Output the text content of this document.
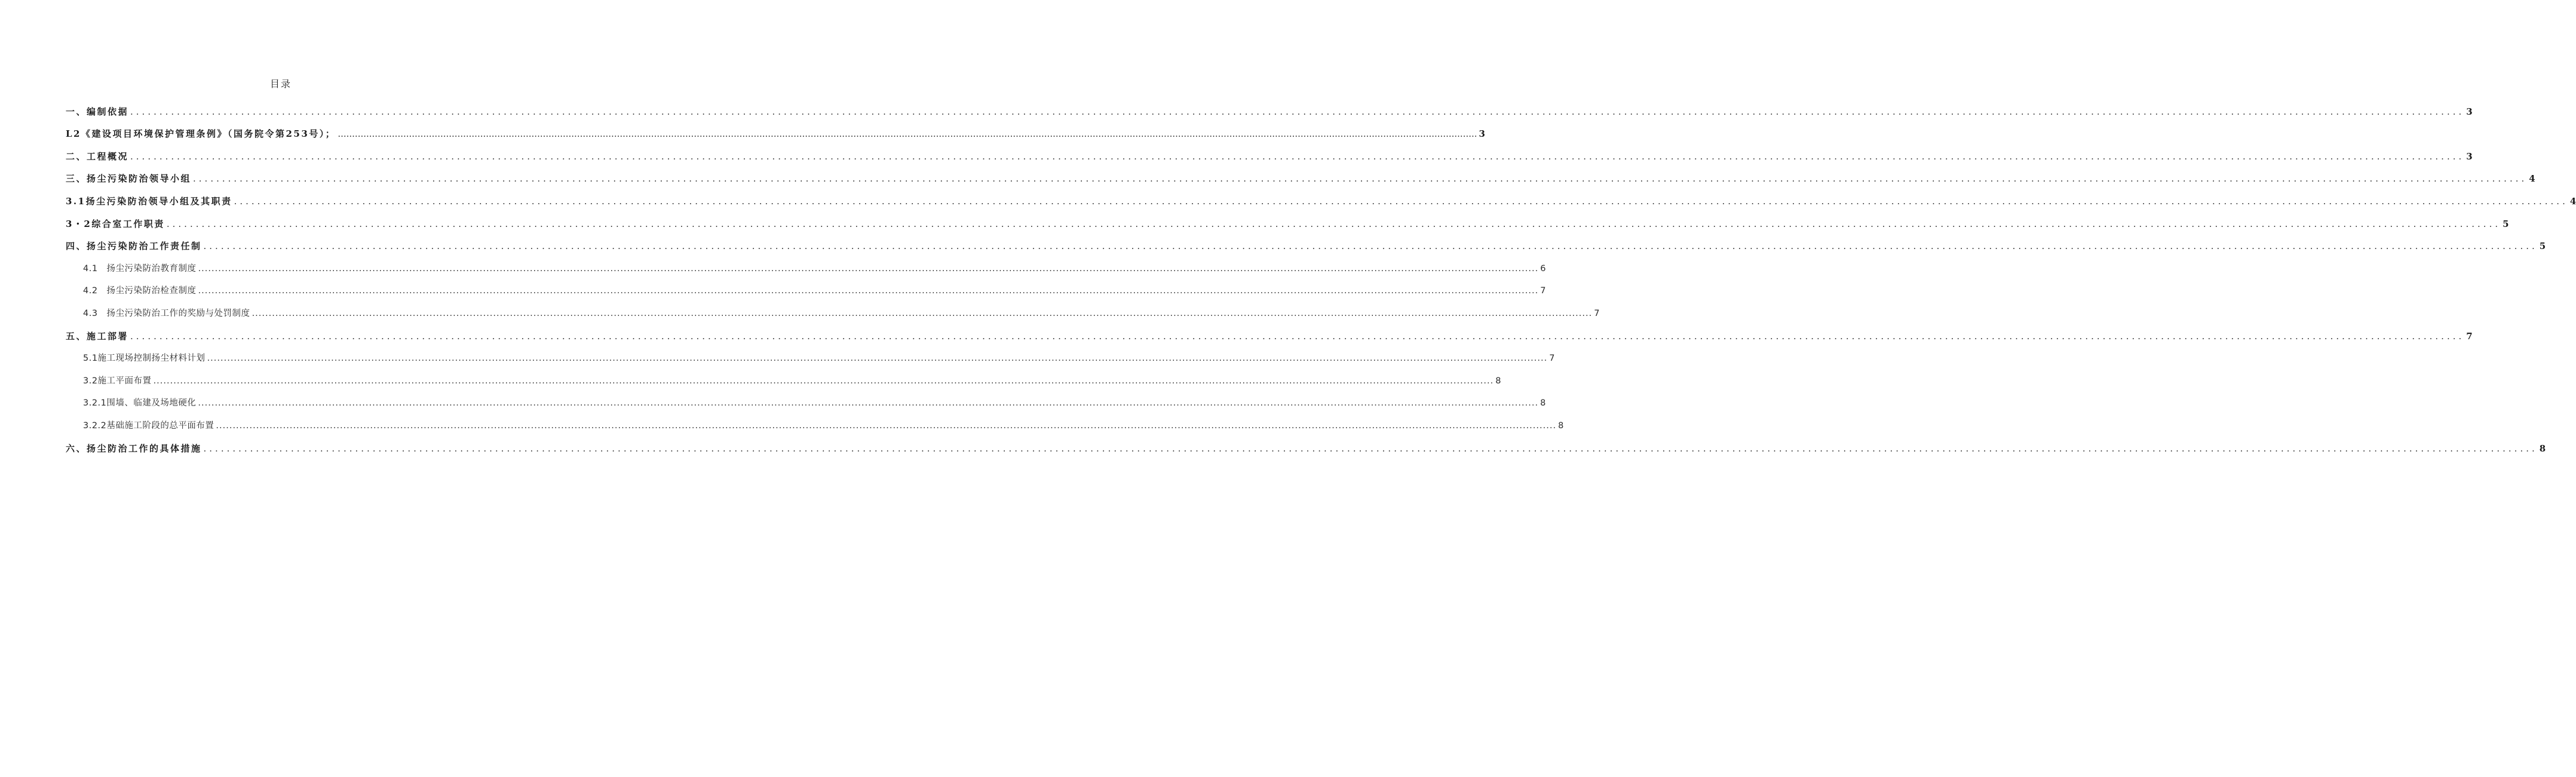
目录
一、编制依据 ................................................................................................................................................................................................................................................................................................................................................................................................................ 3
L2《建设项目环境保护管理条例》（国务院令第253号）； ................................................................................................................................................................................................................................................................................................................................................................................................................ 3
二、工程概况 ................................................................................................................................................................................................................................................................................................................................................................................................................ 3
三、扬尘污染防治领导小组 ................................................................................................................................................................................................................................................................................................................................................................................................................ 4
3.1扬尘污染防治领导小组及其职责 ................................................................................................................................................................................................................................................................................................................................................................................................................ 4
3・2综合室工作职责 ................................................................................................................................................................................................................................................................................................................................................................................................................ 5
四、扬尘污染防治工作责任制 ................................................................................................................................................................................................................................................................................................................................................................................................................ 5
4.1　扬尘污染防治教育制度 ................................................................................................................................................................................................................................................................................................................................................................................................................ 6
4.2　扬尘污染防治检查制度 ................................................................................................................................................................................................................................................................................................................................................................................................................ 7
4.3　扬尘污染防治工作的奖励与处罚制度 ................................................................................................................................................................................................................................................................................................................................................................................................................ 7
五、施工部署 ................................................................................................................................................................................................................................................................................................................................................................................................................ 7
5.1施工现场控制扬尘材料计划 ................................................................................................................................................................................................................................................................................................................................................................................................................ 7
3.2施工平面布置 ................................................................................................................................................................................................................................................................................................................................................................................................................ 8
3.2.1围墙、临建及场地硬化 ................................................................................................................................................................................................................................................................................................................................................................................................................ 8
3.2.2基础施工阶段的总平面布置 ................................................................................................................................................................................................................................................................................................................................................................................................................ 8
六、扬尘防治工作的具体措施 ................................................................................................................................................................................................................................................................................................................................................................................................................ 8
